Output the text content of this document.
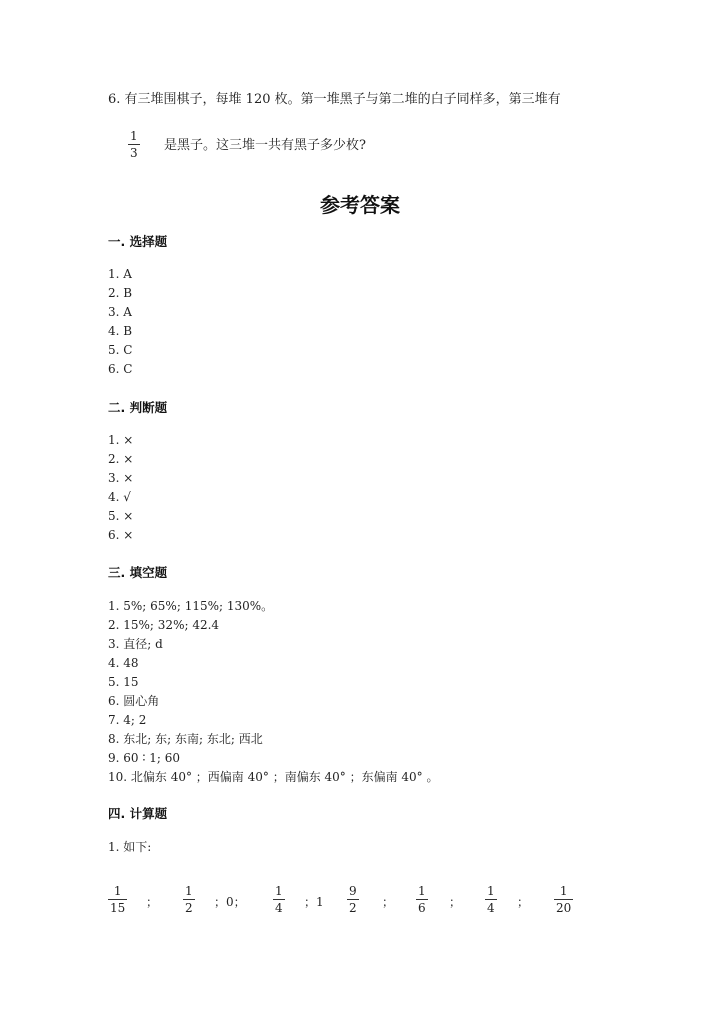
6. 有三堆围棋子，每堆 120 枚。第一堆黑子与第二堆的白子同样多，第三堆有
1
3 是黑子。这三堆一共有黑子多少枚?
参考答案
一. 选择题
1. A
2. B
3. A
4. B
5. C
6. C
二. 判断题
1. ×
2. ×
3. ×
4. √
5. ×
6. ×
三. 填空题
1. 5%; 65%; 115%; 130%。
2. 15%; 32%; 42.4
3. 直径; d
4. 48
5. 15
6. 圆心角
7. 4; 2
8. 东北; 东; 东南; 东北; 西北
9. 60 ∶ 1; 60
10. 北偏东 40° ；西偏南 40° ；南偏东 40° ；东偏南 40° 。
四. 计算题
1. 如下:
1
15 ；
1
2 ；0；
1
4 ；1
9
2 ；
1
6 ；
1
4 ；
1
20
